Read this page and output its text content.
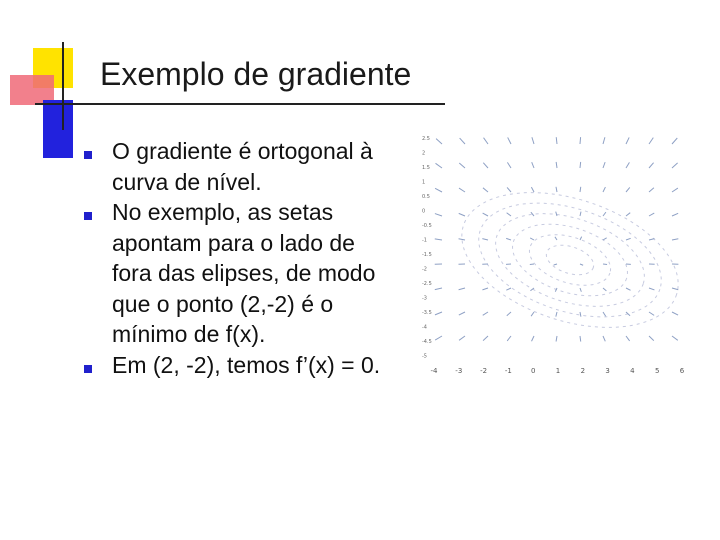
Exemplo de gradiente
O gradiente é ortogonal à curva de nível.
No exemplo, as setas apontam para o lado de fora das elipses, de modo que o ponto (2,-2) é o mínimo de f(x).
Em (2, -2), temos f’(x) = 0.	-4	-3	-2	-1	0	1	2	3	4	5	6
2.5
2
1.5
1
0.5
0
-0.5
-1
-1.5
-2
-2.5
-3
-3.5
-4
-4.5
-5
